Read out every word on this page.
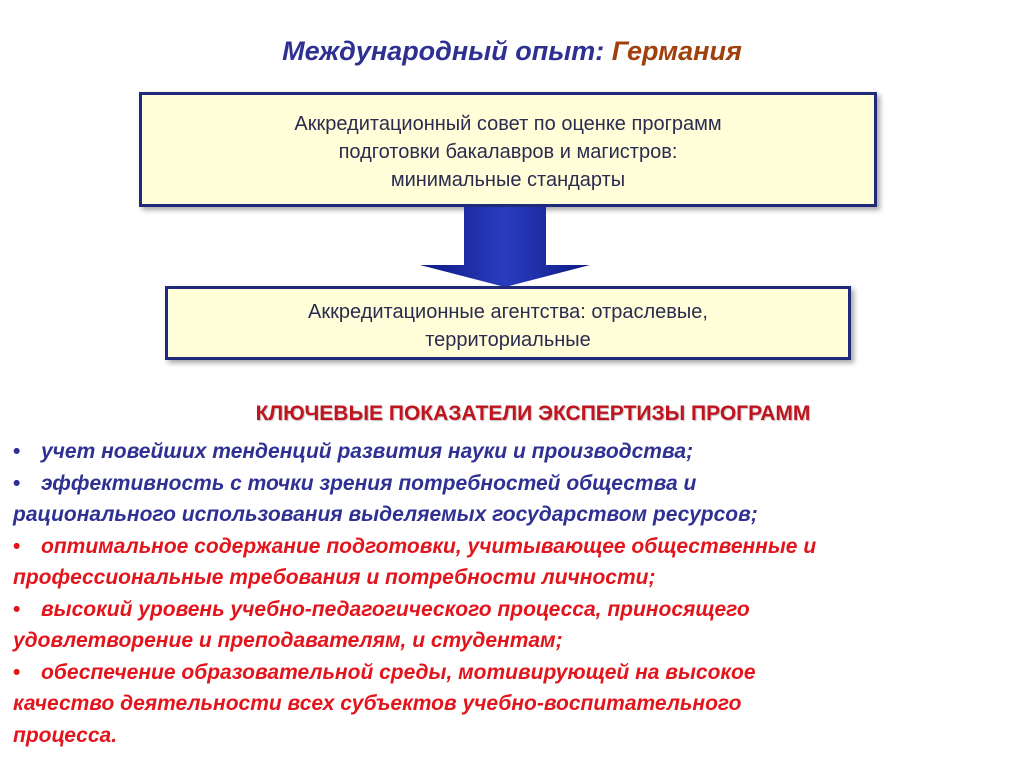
Международный опыт: Германия
Аккредитационный совет по оценке программ
подготовки бакалавров и магистров:
минимальные стандарты
Аккредитационные агентства: отраслевые,
территориальные
КЛЮЧЕВЫЕ ПОКАЗАТЕЛИ ЭКСПЕРТИЗЫ ПРОГРАММ
• учет новейших тенденций развития науки и производства;
• эффективность с точки зрения потребностей общества и
рационального использования выделяемых государством ресурсов;
• оптимальное содержание подготовки, учитывающее общественные и
профессиональные требования и потребности личности;
• высокий уровень учебно-педагогического процесса, приносящего
удовлетворение и преподавателям, и студентам;
• обеспечение образовательной среды, мотивирующей на высокое
качество деятельности всех субъектов учебно-воспитательного
процесса.
